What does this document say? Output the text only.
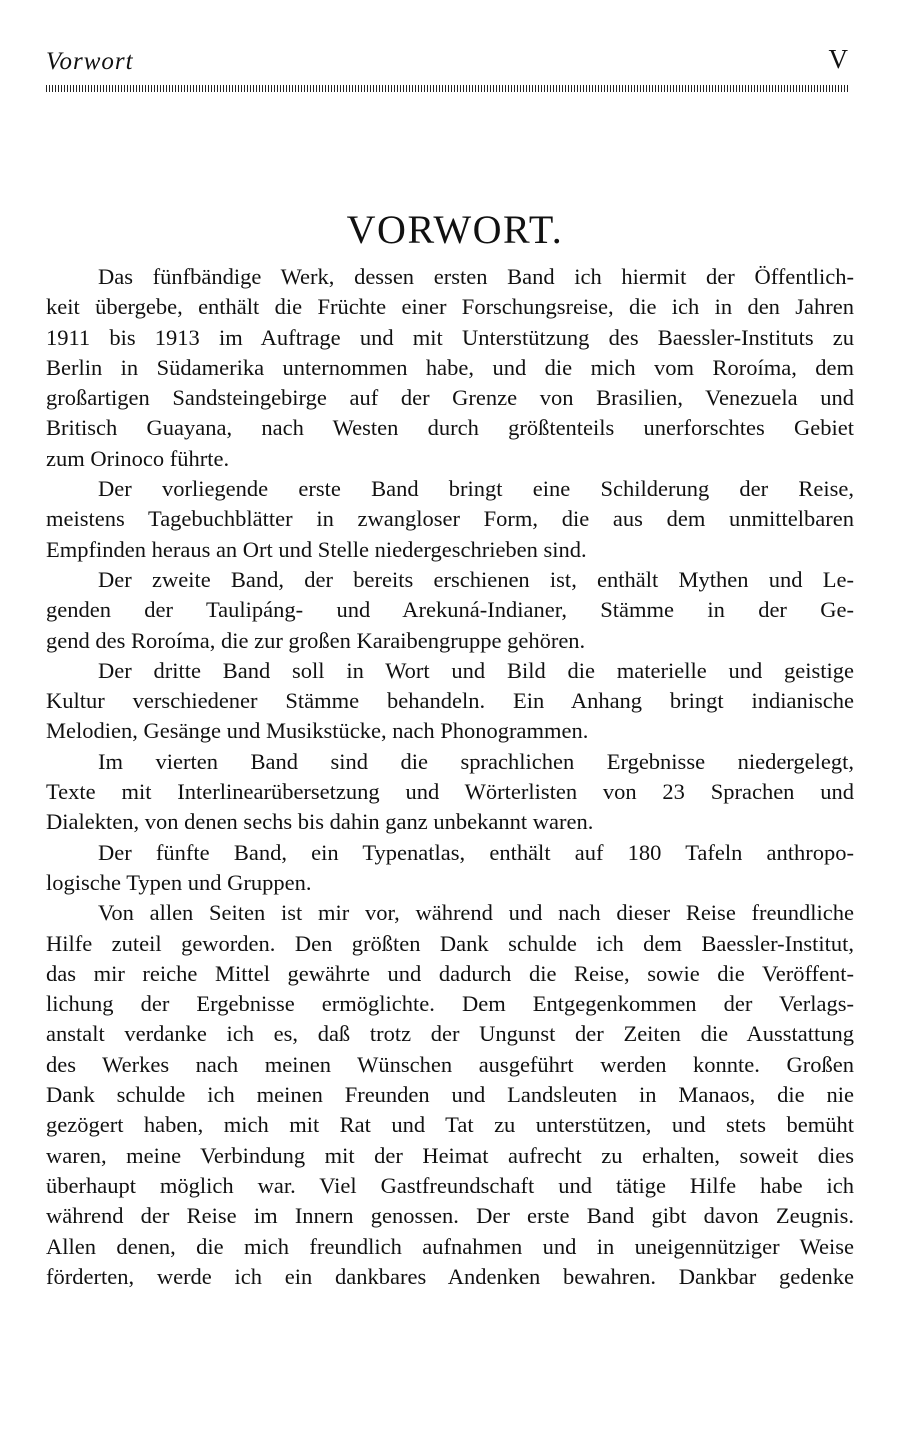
Vorwort	V
VORWORT.
Das fünfbändige Werk, dessen ersten Band ich hiermit der Öffentlich-
keit übergebe, enthält die Früchte einer Forschungsreise, die ich in den Jahren
1911 bis 1913 im Auftrage und mit Unterstützung des Baessler-Instituts zu
Berlin in Südamerika unternommen habe, und die mich vom Roroíma, dem
großartigen Sandsteingebirge auf der Grenze von Brasilien, Venezuela und
Britisch Guayana, nach Westen durch größtenteils unerforschtes Gebiet
zum Orinoco führte.
Der vorliegende erste Band bringt eine Schilderung der Reise,
meistens Tagebuchblätter in zwangloser Form, die aus dem unmittelbaren
Empfinden heraus an Ort und Stelle niedergeschrieben sind.
Der zweite Band, der bereits erschienen ist, enthält Mythen und Le-
genden der Taulipáng- und Arekuná-Indianer, Stämme in der Ge-
gend des Roroíma, die zur großen Karaibengruppe gehören.
Der dritte Band soll in Wort und Bild die materielle und geistige
Kultur verschiedener Stämme behandeln. Ein Anhang bringt indianische
Melodien, Gesänge und Musikstücke, nach Phonogrammen.
Im vierten Band sind die sprachlichen Ergebnisse niedergelegt,
Texte mit Interlinearübersetzung und Wörterlisten von 23 Sprachen und
Dialekten, von denen sechs bis dahin ganz unbekannt waren.
Der fünfte Band, ein Typenatlas, enthält auf 180 Tafeln anthropo-
logische Typen und Gruppen.
Von allen Seiten ist mir vor, während und nach dieser Reise freundliche
Hilfe zuteil geworden. Den größten Dank schulde ich dem Baessler-Institut,
das mir reiche Mittel gewährte und dadurch die Reise, sowie die Veröffent-
lichung der Ergebnisse ermöglichte. Dem Entgegenkommen der Verlags-
anstalt verdanke ich es, daß trotz der Ungunst der Zeiten die Ausstattung
des Werkes nach meinen Wünschen ausgeführt werden konnte. Großen
Dank schulde ich meinen Freunden und Landsleuten in Manaos, die nie
gezögert haben, mich mit Rat und Tat zu unterstützen, und stets bemüht
waren, meine Verbindung mit der Heimat aufrecht zu erhalten, soweit dies
überhaupt möglich war. Viel Gastfreundschaft und tätige Hilfe habe ich
während der Reise im Innern genossen. Der erste Band gibt davon Zeugnis.
Allen denen, die mich freundlich aufnahmen und in uneigennütziger Weise
förderten, werde ich ein dankbares Andenken bewahren. Dankbar gedenke
